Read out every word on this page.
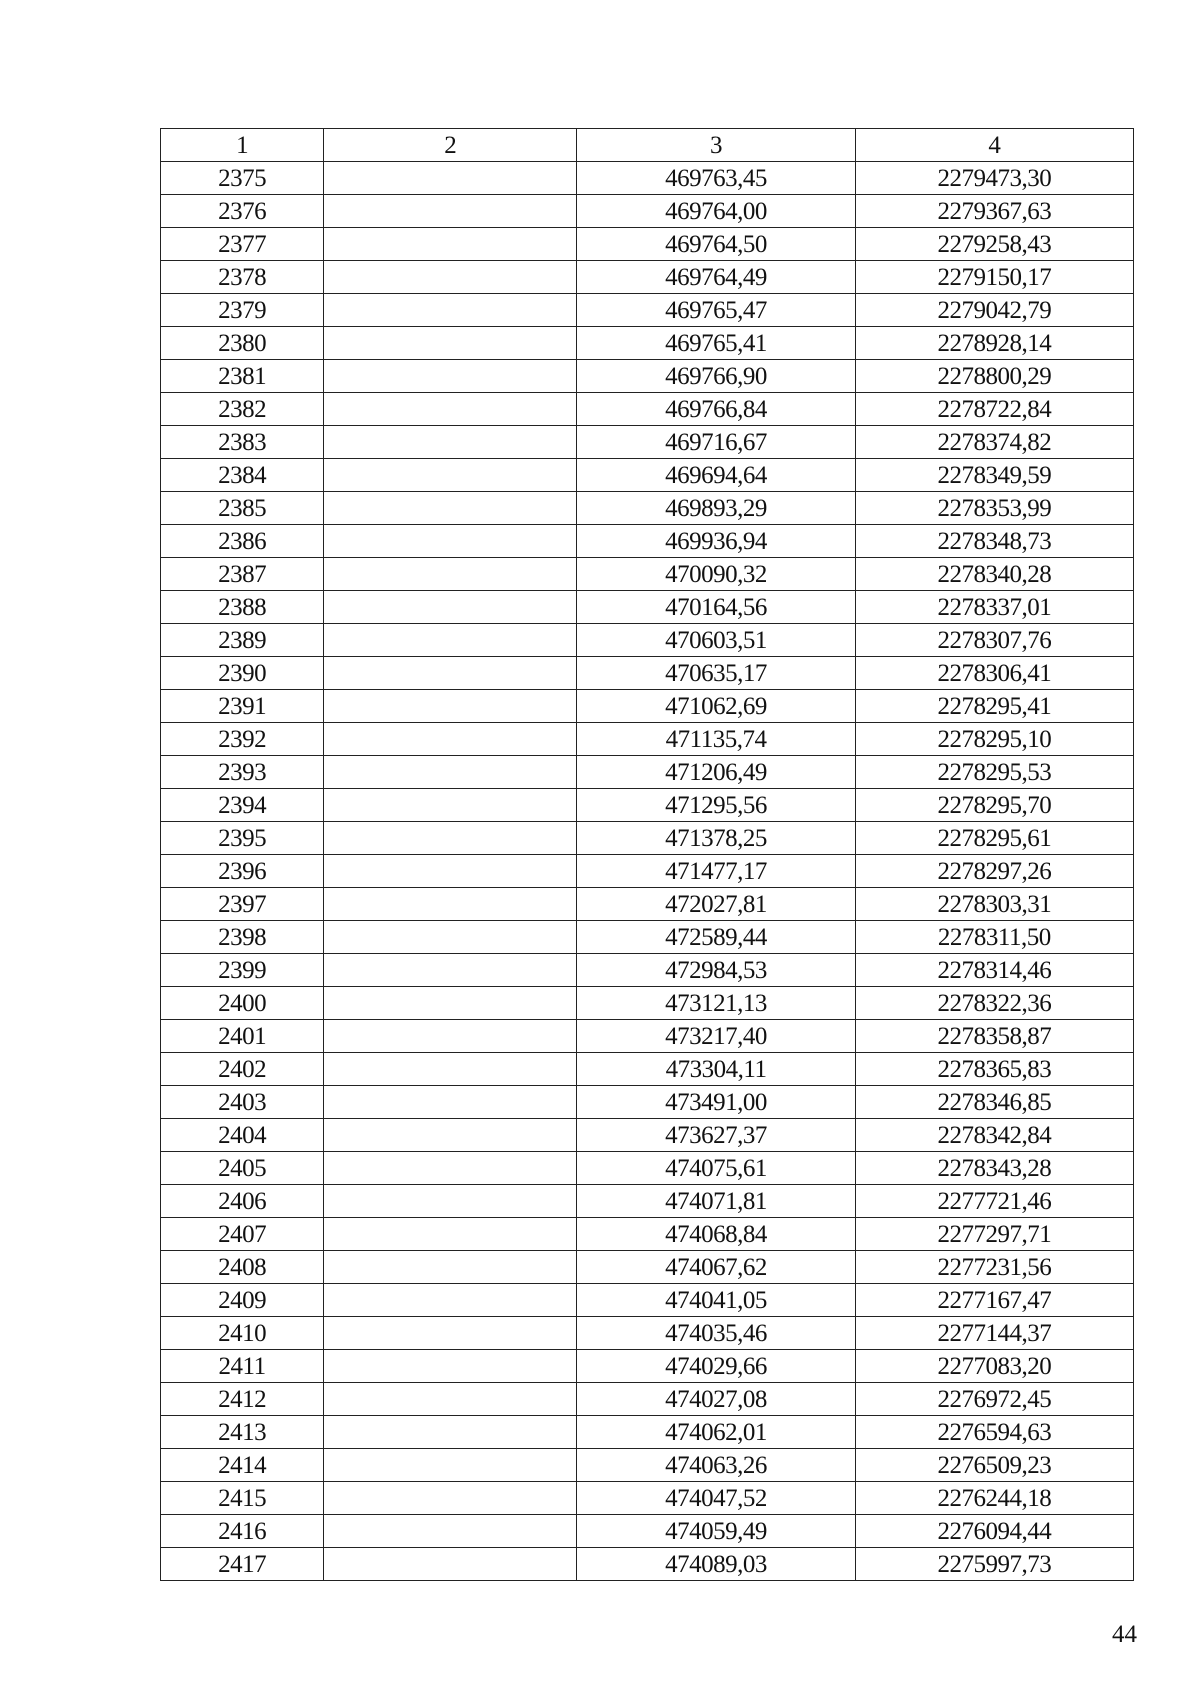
1	2	3	4
2375		469763,45	2279473,30
2376		469764,00	2279367,63
2377		469764,50	2279258,43
2378		469764,49	2279150,17
2379		469765,47	2279042,79
2380		469765,41	2278928,14
2381		469766,90	2278800,29
2382		469766,84	2278722,84
2383		469716,67	2278374,82
2384		469694,64	2278349,59
2385		469893,29	2278353,99
2386		469936,94	2278348,73
2387		470090,32	2278340,28
2388		470164,56	2278337,01
2389		470603,51	2278307,76
2390		470635,17	2278306,41
2391		471062,69	2278295,41
2392		471135,74	2278295,10
2393		471206,49	2278295,53
2394		471295,56	2278295,70
2395		471378,25	2278295,61
2396		471477,17	2278297,26
2397		472027,81	2278303,31
2398		472589,44	2278311,50
2399		472984,53	2278314,46
2400		473121,13	2278322,36
2401		473217,40	2278358,87
2402		473304,11	2278365,83
2403		473491,00	2278346,85
2404		473627,37	2278342,84
2405		474075,61	2278343,28
2406		474071,81	2277721,46
2407		474068,84	2277297,71
2408		474067,62	2277231,56
2409		474041,05	2277167,47
2410		474035,46	2277144,37
2411		474029,66	2277083,20
2412		474027,08	2276972,45
2413		474062,01	2276594,63
2414		474063,26	2276509,23
2415		474047,52	2276244,18
2416		474059,49	2276094,44
2417		474089,03	2275997,73
44
